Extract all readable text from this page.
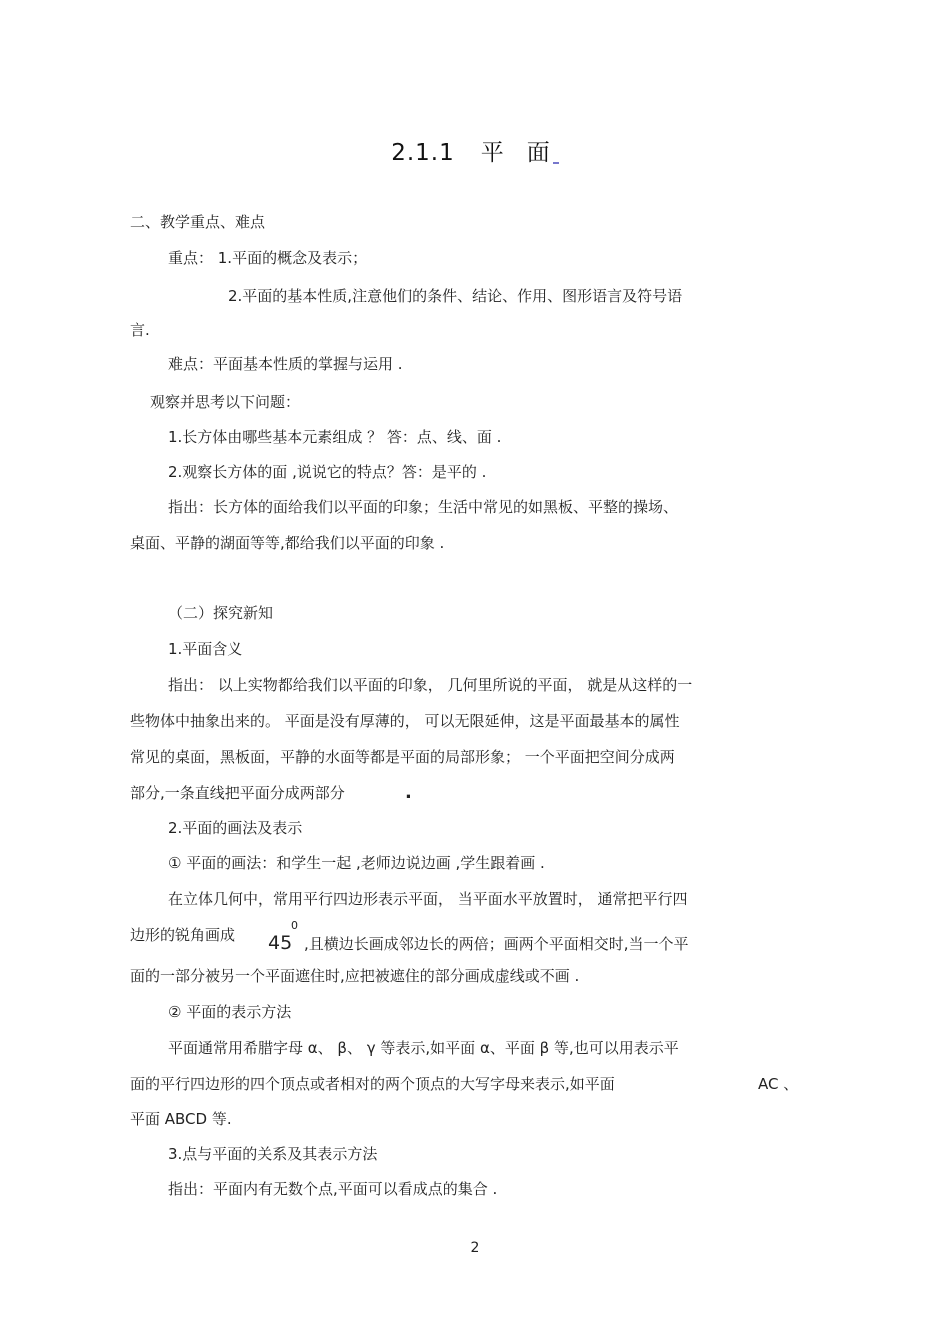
2.1.1 平 面
二、教学重点、难点
重点： 1.平面的概念及表示；
2.平面的基本性质,注意他们的条件、结论、作用、图形语言及符号语
言.
难点：平面基本性质的掌握与运用 .
观察并思考以下问题：
1.长方体由哪些基本元素组成 ？ 答：点、线、面 .
2.观察长方体的面 ,说说它的特点？答：是平的 .
指出：长方体的面给我们以平面的印象；生活中常见的如黑板、平整的操场、
桌面、平静的湖面等等,都给我们以平面的印象 .
（二）探究新知
1.平面含义
指出： 以上实物都给我们以平面的印象， 几何里所说的平面， 就是从这样的一
些物体中抽象出来的。 平面是没有厚薄的， 可以无限延伸，这是平面最基本的属性
常见的桌面，黑板面，平静的水面等都是平面的局部形象； 一个平面把空间分成两
部分,一条直线把平面分成两部分	.
2.平面的画法及表示
① 平面的画法：和学生一起 ,老师边说边画 ,学生跟着画 .
在立体几何中，常用平行四边形表示平面， 当平面水平放置时， 通常把平行四
边形的锐角画成 45
0
,且横边长画成邻边长的两倍；画两个平面相交时,当一个平
面的一部分被另一个平面遮住时,应把被遮住的部分画成虚线或不画 .
② 平面的表示方法
平面通常用希腊字母 α、 β、 γ 等表示,如平面 α、平面 β 等,也可以用表示平
面的平行四边形的四个顶点或者相对的两个顶点的大写字母来表示,如平面	AC 、
平面 ABCD 等.
3.点与平面的关系及其表示方法
指出：平面内有无数个点,平面可以看成点的集合 .
2
